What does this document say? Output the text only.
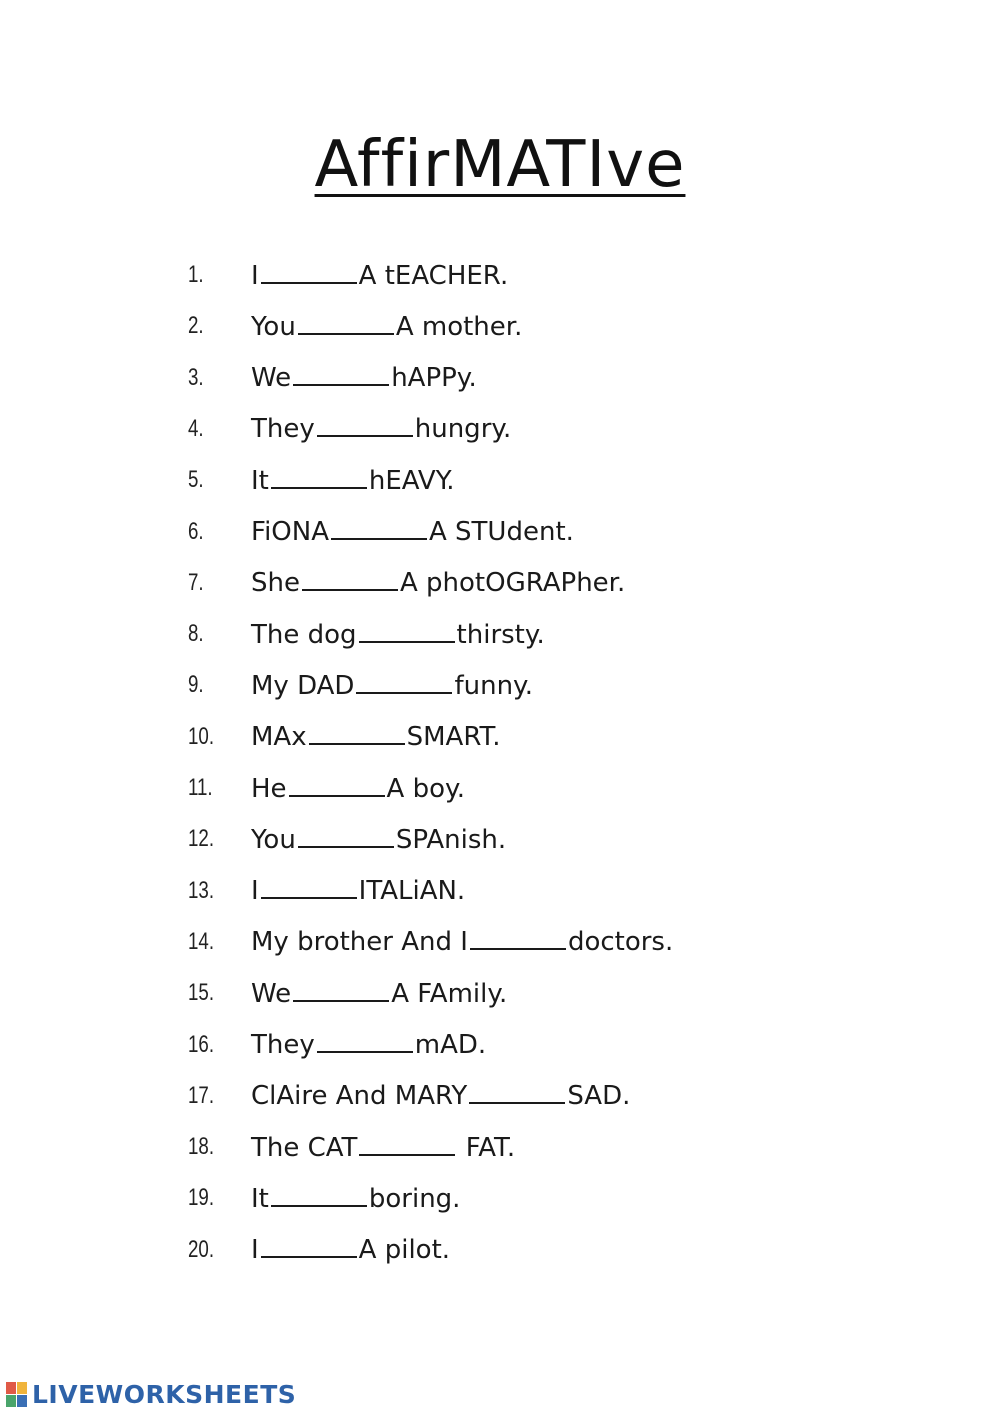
AffirMATIve
1.	I	A tEACHER.
2.	You	A mother.
3.	We	hAPPy.
4.	They	hungry.
5.	It	hEAVY.
6.	FiONA	A STUdent.
7.	She	A photOGRAPher.
8.	The dog	thirsty.
9.	My DAD	funny.
10.	MAx	SMART.
11.	He	A boy.
12.	You	SPAnish.
13.	I	ITALiAN.
14.	My brother And I	doctors.
15.	We	A FAmily.
16.	They	mAD.
17.	ClAire And MARY	SAD.
18.	The CAT	FAT.
19.	It	boring.
20.	I	A pilot.
LIVEWORKSHEETS
